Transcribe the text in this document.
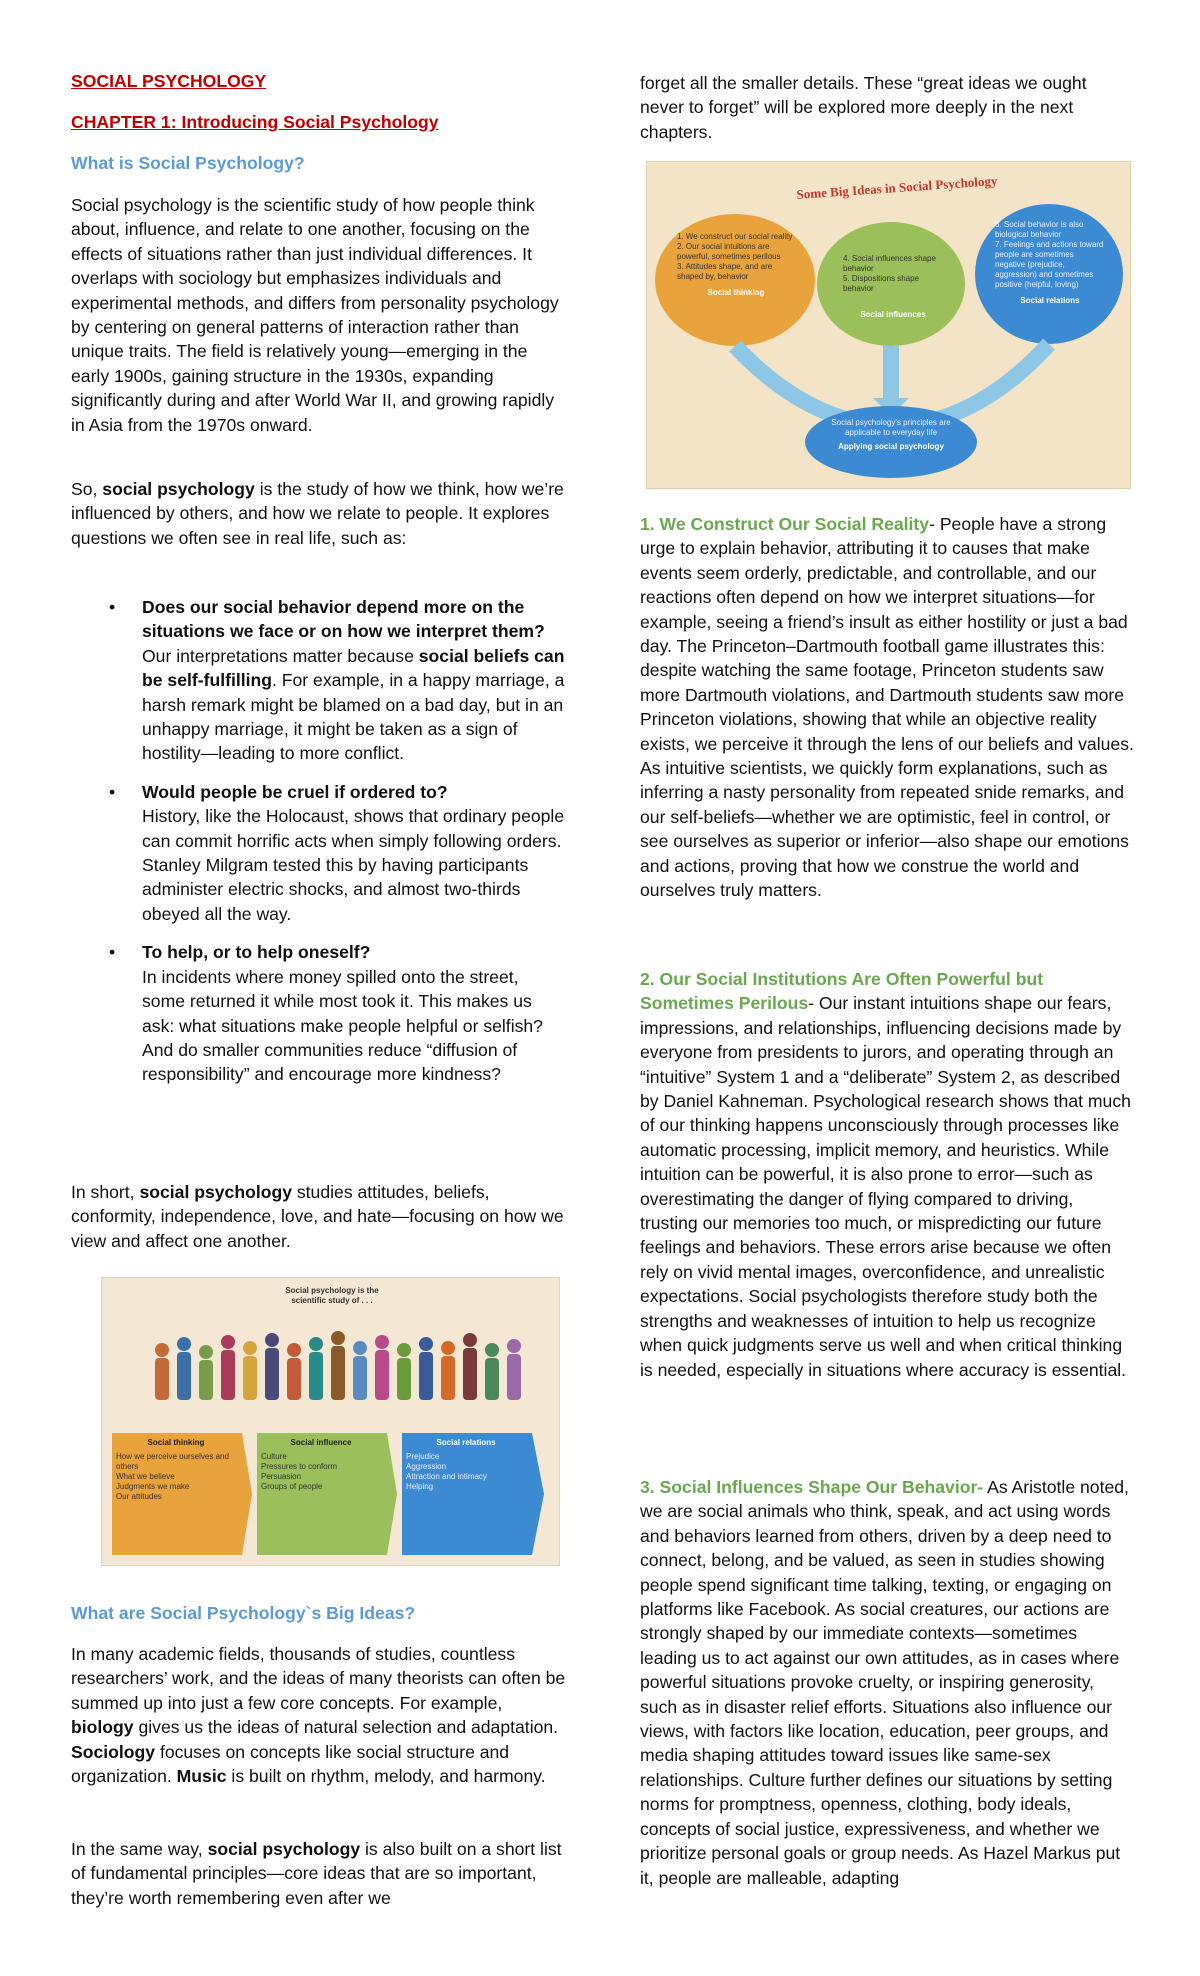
SOCIAL PSYCHOLOGY
CHAPTER 1: Introducing Social Psychology
What is Social Psychology?

Social psychology is the scientific study of how people think about, influence, and relate to one another, focusing on the effects of situations rather than just individual differences. It overlaps with sociology but emphasizes individuals and experimental methods, and differs from personality psychology by centering on general patterns of interaction rather than unique traits. The field is relatively young—emerging in the early 1900s, gaining structure in the 1930s, expanding significantly during and after World War II, and growing rapidly in Asia from the 1970s onward.

So, social psychology is the study of how we think, how we’re influenced by others, and how we relate to people. It explores questions we often see in real life, such as:

• Does our social behavior depend more on the situations we face or on how we interpret them?
Our interpretations matter because social beliefs can be self-fulfilling. For example, in a happy marriage, a harsh remark might be blamed on a bad day, but in an unhappy marriage, it might be taken as a sign of hostility—leading to more conflict.

• Would people be cruel if ordered to?
History, like the Holocaust, shows that ordinary people can commit horrific acts when simply following orders. Stanley Milgram tested this by having participants administer electric shocks, and almost two-thirds obeyed all the way.

• To help, or to help oneself?
In incidents where money spilled onto the street, some returned it while most took it. This makes us ask: what situations make people helpful or selfish? And do smaller communities reduce “diffusion of responsibility” and encourage more kindness?

In short, social psychology studies attitudes, beliefs, conformity, independence, love, and hate—focusing on how we view and affect one another.

What are Social Psychology`s Big Ideas?

In many academic fields, thousands of studies, countless researchers’ work, and the ideas of many theorists can often be summed up into just a few core concepts. For example, biology gives us the ideas of natural selection and adaptation. Sociology focuses on concepts like social structure and organization. Music is built on rhythm, melody, and harmony.

In the same way, social psychology is also built on a short list of fundamental principles—core ideas that are so important, they’re worth remembering even after we

Social psychology is the scientific study of . . .
Social thinking
How we perceive ourselves and others
What we believe
Judgments we make
Our attitudes
Social influence
Culture
Pressures to conform
Persuasion
Groups of people
Social relations
Prejudice
Aggression
Attraction and intimacy
Helping

forget all the smaller details. These “great ideas we ought never to forget” will be explored more deeply in the next chapters.

1. We Construct Our Social Reality- People have a strong urge to explain behavior, attributing it to causes that make events seem orderly, predictable, and controllable, and our reactions often depend on how we interpret situations—for example, seeing a friend’s insult as either hostility or just a bad day. The Princeton–Dartmouth football game illustrates this: despite watching the same footage, Princeton students saw more Dartmouth violations, and Dartmouth students saw more Princeton violations, showing that while an objective reality exists, we perceive it through the lens of our beliefs and values. As intuitive scientists, we quickly form explanations, such as inferring a nasty personality from repeated snide remarks, and our self-beliefs—whether we are optimistic, feel in control, or see ourselves as superior or inferior—also shape our emotions and actions, proving that how we construe the world and ourselves truly matters.

2. Our Social Institutions Are Often Powerful but Sometimes Perilous- Our instant intuitions shape our fears, impressions, and relationships, influencing decisions made by everyone from presidents to jurors, and operating through an “intuitive” System 1 and a “deliberate” System 2, as described by Daniel Kahneman. Psychological research shows that much of our thinking happens unconsciously through processes like automatic processing, implicit memory, and heuristics. While intuition can be powerful, it is also prone to error—such as overestimating the danger of flying compared to driving, trusting our memories too much, or mispredicting our future feelings and behaviors. These errors arise because we often rely on vivid mental images, overconfidence, and unrealistic expectations. Social psychologists therefore study both the strengths and weaknesses of intuition to help us recognize when quick judgments serve us well and when critical thinking is needed, especially in situations where accuracy is essential.

3. Social Influences Shape Our Behavior- As Aristotle noted, we are social animals who think, speak, and act using words and behaviors learned from others, driven by a deep need to connect, belong, and be valued, as seen in studies showing people spend significant time talking, texting, or engaging on platforms like Facebook. As social creatures, our actions are strongly shaped by our immediate contexts—sometimes leading us to act against our own attitudes, as in cases where powerful situations provoke cruelty, or inspiring generosity, such as in disaster relief efforts. Situations also influence our views, with factors like location, education, peer groups, and media shaping attitudes toward issues like same-sex relationships. Culture further defines our situations by setting norms for promptness, openness, clothing, body ideals, concepts of social justice, expressiveness, and whether we prioritize personal goals or group needs. As Hazel Markus put it, people are malleable, adapting

Some Big Ideas in Social Psychology
1. We construct our social reality
2. Our social intuitions are powerful, sometimes perilous
3. Attitudes shape, and are shaped by, behavior
Social thinking
4. Social influences shape behavior
5. Dispositions shape behavior
Social influences
6. Social behavior is also biological behavior
7. Feelings and actions toward people are sometimes negative (prejudice, aggression) and sometimes positive (helpful, loving)
Social relations
Social psychology's principles are applicable to everyday life
Applying social psychology
